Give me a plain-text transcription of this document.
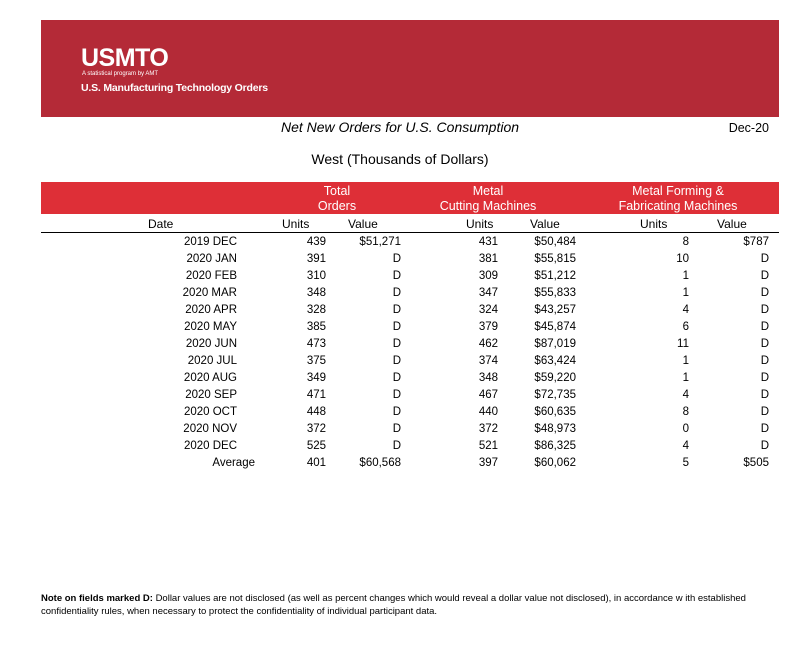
USMTO
A statistical program by AMT
U.S. Manufacturing Technology Orders
Net New Orders for U.S. Consumption	Dec-20
West (Thousands of Dollars)
Total
Orders
Metal
Cutting Machines
Metal Forming &
Fabricating Machines
Date	Units	Value	Units	Value	Units	Value
2019 DEC	439	$51,271	431	$50,484	8	$787
2020 JAN	391	D	381	$55,815	10	D
2020 FEB	310	D	309	$51,212	1	D
2020 MAR	348	D	347	$55,833	1	D
2020 APR	328	D	324	$43,257	4	D
2020 MAY	385	D	379	$45,874	6	D
2020 JUN	473	D	462	$87,019	11	D
2020 JUL	375	D	374	$63,424	1	D
2020 AUG	349	D	348	$59,220	1	D
2020 SEP	471	D	467	$72,735	4	D
2020 OCT	448	D	440	$60,635	8	D
2020 NOV	372	D	372	$48,973	0	D
2020 DEC	525	D	521	$86,325	4	D
Average	401	$60,568	397	$60,062	5	$505
Note on fields marked D: Dollar values are not disclosed (as well as percent changes which would reveal a dollar value not disclosed), in accordance w ith established confidentiality rules, when necessary to protect the confidentiality of individual participant data.
